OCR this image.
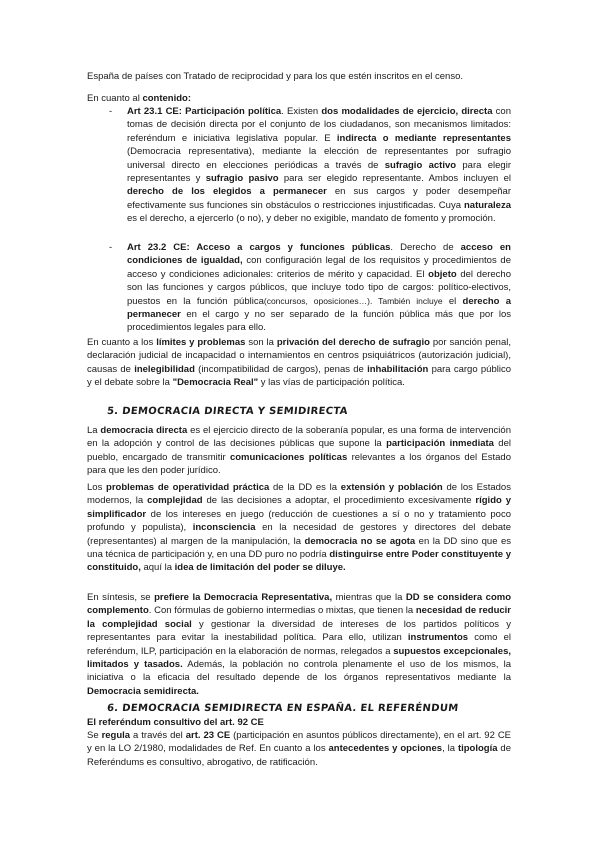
España de países con Tratado de reciprocidad y para los que estén inscritos en el censo.

En cuanto al contenido:

- Art 23.1 CE: Participación política. Existen dos modalidades de ejercicio, directa con tomas de decisión directa por el conjunto de los ciudadanos, son mecanismos limitados: referéndum e iniciativa legislativa popular. E indirecta o mediante representantes (Democracia representativa), mediante la elección de representantes por sufragio universal directo en elecciones periódicas a través de sufragio activo para elegir representantes y sufragio pasivo para ser elegido representante. Ambos incluyen el derecho de los elegidos a permanecer en sus cargos y poder desempeñar efectivamente sus funciones sin obstáculos o restricciones injustificadas. Cuya naturaleza es el derecho, a ejercerlo (o no), y deber no exigible, mandato de fomento y promoción.

- Art 23.2 CE: Acceso a cargos y funciones públicas. Derecho de acceso en condiciones de igualdad, con configuración legal de los requisitos y procedimientos de acceso y condiciones adicionales: criterios de mérito y capacidad. El objeto del derecho son las funciones y cargos públicos, que incluye todo tipo de cargos: político-electivos, puestos en la función pública(concursos, oposiciones…). También incluye el derecho a permanecer en el cargo y no ser separado de la función pública más que por los procedimientos legales para ello.

En cuanto a los límites y problemas son la privación del derecho de sufragio por sanción penal, declaración judicial de incapacidad o internamientos en centros psiquiátricos (autorización judicial), causas de inelegibilidad (incompatibilidad de cargos), penas de inhabilitación para cargo público y el debate sobre la "Democracia Real" y las vías de participación política.

5. DEMOCRACIA DIRECTA Y SEMIDIRECTA

La democracia directa es el ejercicio directo de la soberanía popular, es una forma de intervención en la adopción y control de las decisiones públicas que supone la participación inmediata del pueblo, encargado de transmitir comunicaciones políticas relevantes a los órganos del Estado para que les den poder jurídico.

Los problemas de operatividad práctica de la DD es la extensión y población de los Estados modernos, la complejidad de las decisiones a adoptar, el procedimiento excesivamente rígido y simplificador de los intereses en juego (reducción de cuestiones a sí o no y tratamiento poco profundo y populista), inconsciencia en la necesidad de gestores y directores del debate (representantes) al margen de la manipulación, la democracia no se agota en la DD sino que es una técnica de participación y, en una DD puro no podría distinguirse entre Poder constituyente y constituido, aquí la idea de limitación del poder se diluye.

En síntesis, se prefiere la Democracia Representativa, mientras que la DD se considera como complemento. Con fórmulas de gobierno intermedias o mixtas, que tienen la necesidad de reducir la complejidad social y gestionar la diversidad de intereses de los partidos políticos y representantes para evitar la inestabilidad política. Para ello, utilizan instrumentos como el referéndum, ILP, participación en la elaboración de normas, relegados a supuestos excepcionales, limitados y tasados. Además, la población no controla plenamente el uso de los mismos, la iniciativa o la eficacia del resultado depende de los órganos representativos mediante la Democracia semidirecta.

6. DEMOCRACIA SEMIDIRECTA EN ESPAÑA. EL REFERÉNDUM
El referéndum consultivo del art. 92 CE

Se regula a través del art. 23 CE (participación en asuntos públicos directamente), en el art. 92 CE y en la LO 2/1980, modalidades de Ref. En cuanto a los antecedentes y opciones, la tipología de Referéndums es consultivo, abrogativo, de ratificación.
